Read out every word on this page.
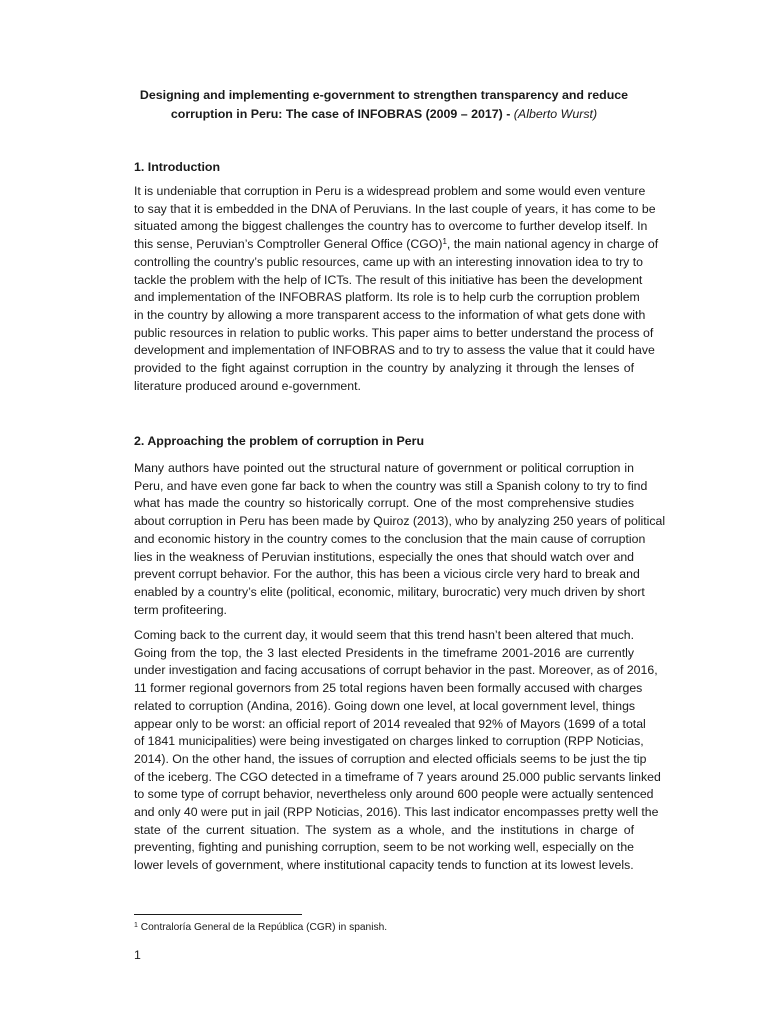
Designing and implementing e-government to strengthen transparency and reduce
corruption in Peru: The case of INFOBRAS (2009 – 2017) - (Alberto Wurst)
1. Introduction
It is undeniable that corruption in Peru is a widespread problem and some would even venture
to say that it is embedded in the DNA of Peruvians. In the last couple of years, it has come to be
situated among the biggest challenges the country has to overcome to further develop itself. In
this sense, Peruvian’s Comptroller General Office (CGO)$^1$, the main national agency in charge of
controlling the country’s public resources, came up with an interesting innovation idea to try to
tackle the problem with the help of ICTs. The result of this initiative has been the development
and implementation of the INFOBRAS platform. Its role is to help curb the corruption problem
in the country by allowing a more transparent access to the information of what gets done with
public resources in relation to public works. This paper aims to better understand the process of
development and implementation of INFOBRAS and to try to assess the value that it could have
provided to the fight against corruption in the country by analyzing it through the lenses of
literature produced around e-government.
2. Approaching the problem of corruption in Peru
Many authors have pointed out the structural nature of government or political corruption in
Peru, and have even gone far back to when the country was still a Spanish colony to try to find
what has made the country so historically corrupt. One of the most comprehensive studies
about corruption in Peru has been made by Quiroz (2013), who by analyzing 250 years of political
and economic history in the country comes to the conclusion that the main cause of corruption
lies in the weakness of Peruvian institutions, especially the ones that should watch over and
prevent corrupt behavior. For the author, this has been a vicious circle very hard to break and
enabled by a country’s elite (political, economic, military, burocratic) very much driven by short
term profiteering.
Coming back to the current day, it would seem that this trend hasn’t been altered that much.
Going from the top, the 3 last elected Presidents in the timeframe 2001-2016 are currently
under investigation and facing accusations of corrupt behavior in the past. Moreover, as of 2016,
11 former regional governors from 25 total regions haven been formally accused with charges
related to corruption (Andina, 2016). Going down one level, at local government level, things
appear only to be worst: an official report of 2014 revealed that 92% of Mayors (1699 of a total
of 1841 municipalities) were being investigated on charges linked to corruption (RPP Noticias,
2014). On the other hand, the issues of corruption and elected officials seems to be just the tip
of the iceberg. The CGO detected in a timeframe of 7 years around 25.000 public servants linked
to some type of corrupt behavior, nevertheless only around 600 people were actually sentenced
and only 40 were put in jail (RPP Noticias, 2016). This last indicator encompasses pretty well the
state of the current situation. The system as a whole, and the institutions in charge of
preventing, fighting and punishing corruption, seem to be not working well, especially on the
lower levels of government, where institutional capacity tends to function at its lowest levels.
$^1$ Contraloría General de la República (CGR) in spanish.
1
